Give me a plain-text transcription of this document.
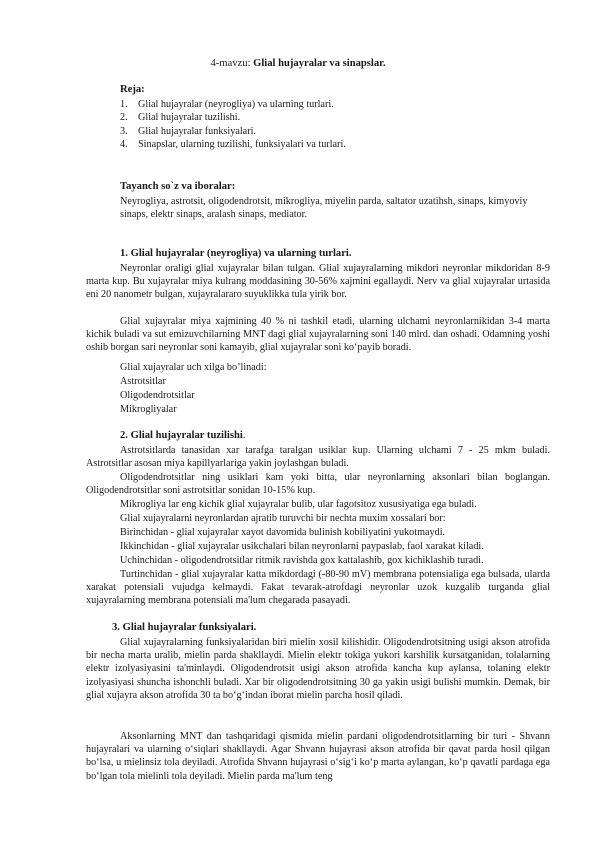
4-mavzu: Glial hujayralar va sinapslar.
Reja:
1. Glial hujayralar (neyrogliya) va ularning turlari.
2. Glial hujayralar tuzilishi.
3. Glial hujayralar funksiyalari.
4. Sinapslar, ularning tuzilishi, funksiyalari va turlari.
Tayanch so`z va iboralar:
Neyrogliya, astrotsit, oligodendrotsit, mikrogliya, miyelin parda, saltator uzatihsh, sinaps, kimyoviy sinaps, elektr sinaps, aralash sinaps, mediator.
1. Glial hujayralar (neyrogliya) va ularning turlari.
Neyronlar oraligi glial xujayralar bilan tulgan. Glial xujayralarning mikdori neyronlar mikdoridan 8-9 marta kup. Bu xujayralar miya kulrang moddasining 30-56% xajmini egallaydi. Nerv va glial xujayralar urtasida eni 20 nanometr bulgan, xujayralararo suyuklikka tula yirik bor.
Glial xujayralar miya xajmining 40 % ni tashkil etadi, ularning ulchami neyronlarnikidan 3-4 marta kichik buladi va sut emizuvchilarning MNT dagi glial xujayralarning soni 140 mlrd. dan oshadi. Odamning yoshi oshib borgan sari neyronlar soni kamayib, glial xujayralar soni ko‘payib boradi.
Glial xujayralar uch xilga bo’linadi:
Astrotsitlar
Oligodendrotsitlar
Mikrogliyalar
2. Glial hujayralar tuzilishi.
Astrotsitlarda tanasidan xar tarafga taralgan usiklar kup. Ularning ulchami 7 - 25 mkm buladi. Astrotsitlar asosan miya kapillyarlariga yakin joylashgan buladi.
Oligodendrotsitlar ning usiklari kam yoki bitta, ular neyronlarning aksonlari bilan boglangan. Oligodendrotsitlar soni astrotsitlar sonidan 10-15% kup.
Mikrogliya lar eng kichik glial xujayralar bulib, ular fagotsitoz xususiyatiga ega buladi.
Glial xujayralarni neyronlardan ajratib turuvchi bir nechta muxim xossalari bor:
Birinchidan - glial xujayralar xayot davomida bulinish kobiliyatini yukotmaydi.
Ikkinchidan - glial xujayralar usikchalari bilan neyronlarni paypaslab, faol xarakat kiladi.
Uchinchidan - oligodendrotsitlar ritmik ravishda gox kattalashib, gox kichiklashib turadi.
Turtinchidan - glial xujayralar katta mikdordagi (-80-90 mV) membrana potensialiga ega bulsada, ularda xarakat potensiali vujudga kelmaydi. Fakat tevarak-atrofdagi neyronlar uzok kuzgalib turganda glial xujayralarning membrana potensiali ma'lum chegarada pasayadi.
3. Glial hujayralar funksiyalari.
Glial xujayralarning funksiyalaridan biri mielin xosil kilishidir. Oligodendrotsitning usigi akson atrofida bir necha marta uralib, mielin parda shakllaydi. Mielin elektr tokiga yukori karshilik kursatganidan, tolalarning elektr izolyasiyasini ta'minlaydi. Oligodendrotsit usigi akson atrofida kancha kup aylansa, tolaning elektr izolyasiyasi shuncha ishonchli buladi. Xar bir oligodendrotsitning 30 ga yakin usigi bulishi mumkin. Demak, bir glial xujayra akson atrofida 30 ta bo‘g‘indan iborat mielin parcha hosil qiladi.
Aksonlarning MNT dan tashqaridagi qismida mielin pardani oligodendrotsitlarning bir turi - Shvann hujayralari va ularning o‘siqlari shakllaydi. Agar Shvann hujayrasi akson atrofida bir qavat parda hosil qilgan bo‘lsa, u mielinsiz tola deyiladi. Atrofida Shvann hujayrasi o‘sig‘i ko‘p marta aylangan, ko‘p qavatli pardaga ega bo‘lgan tola mielinli tola deyiladi. Mielin parda ma'lum teng
